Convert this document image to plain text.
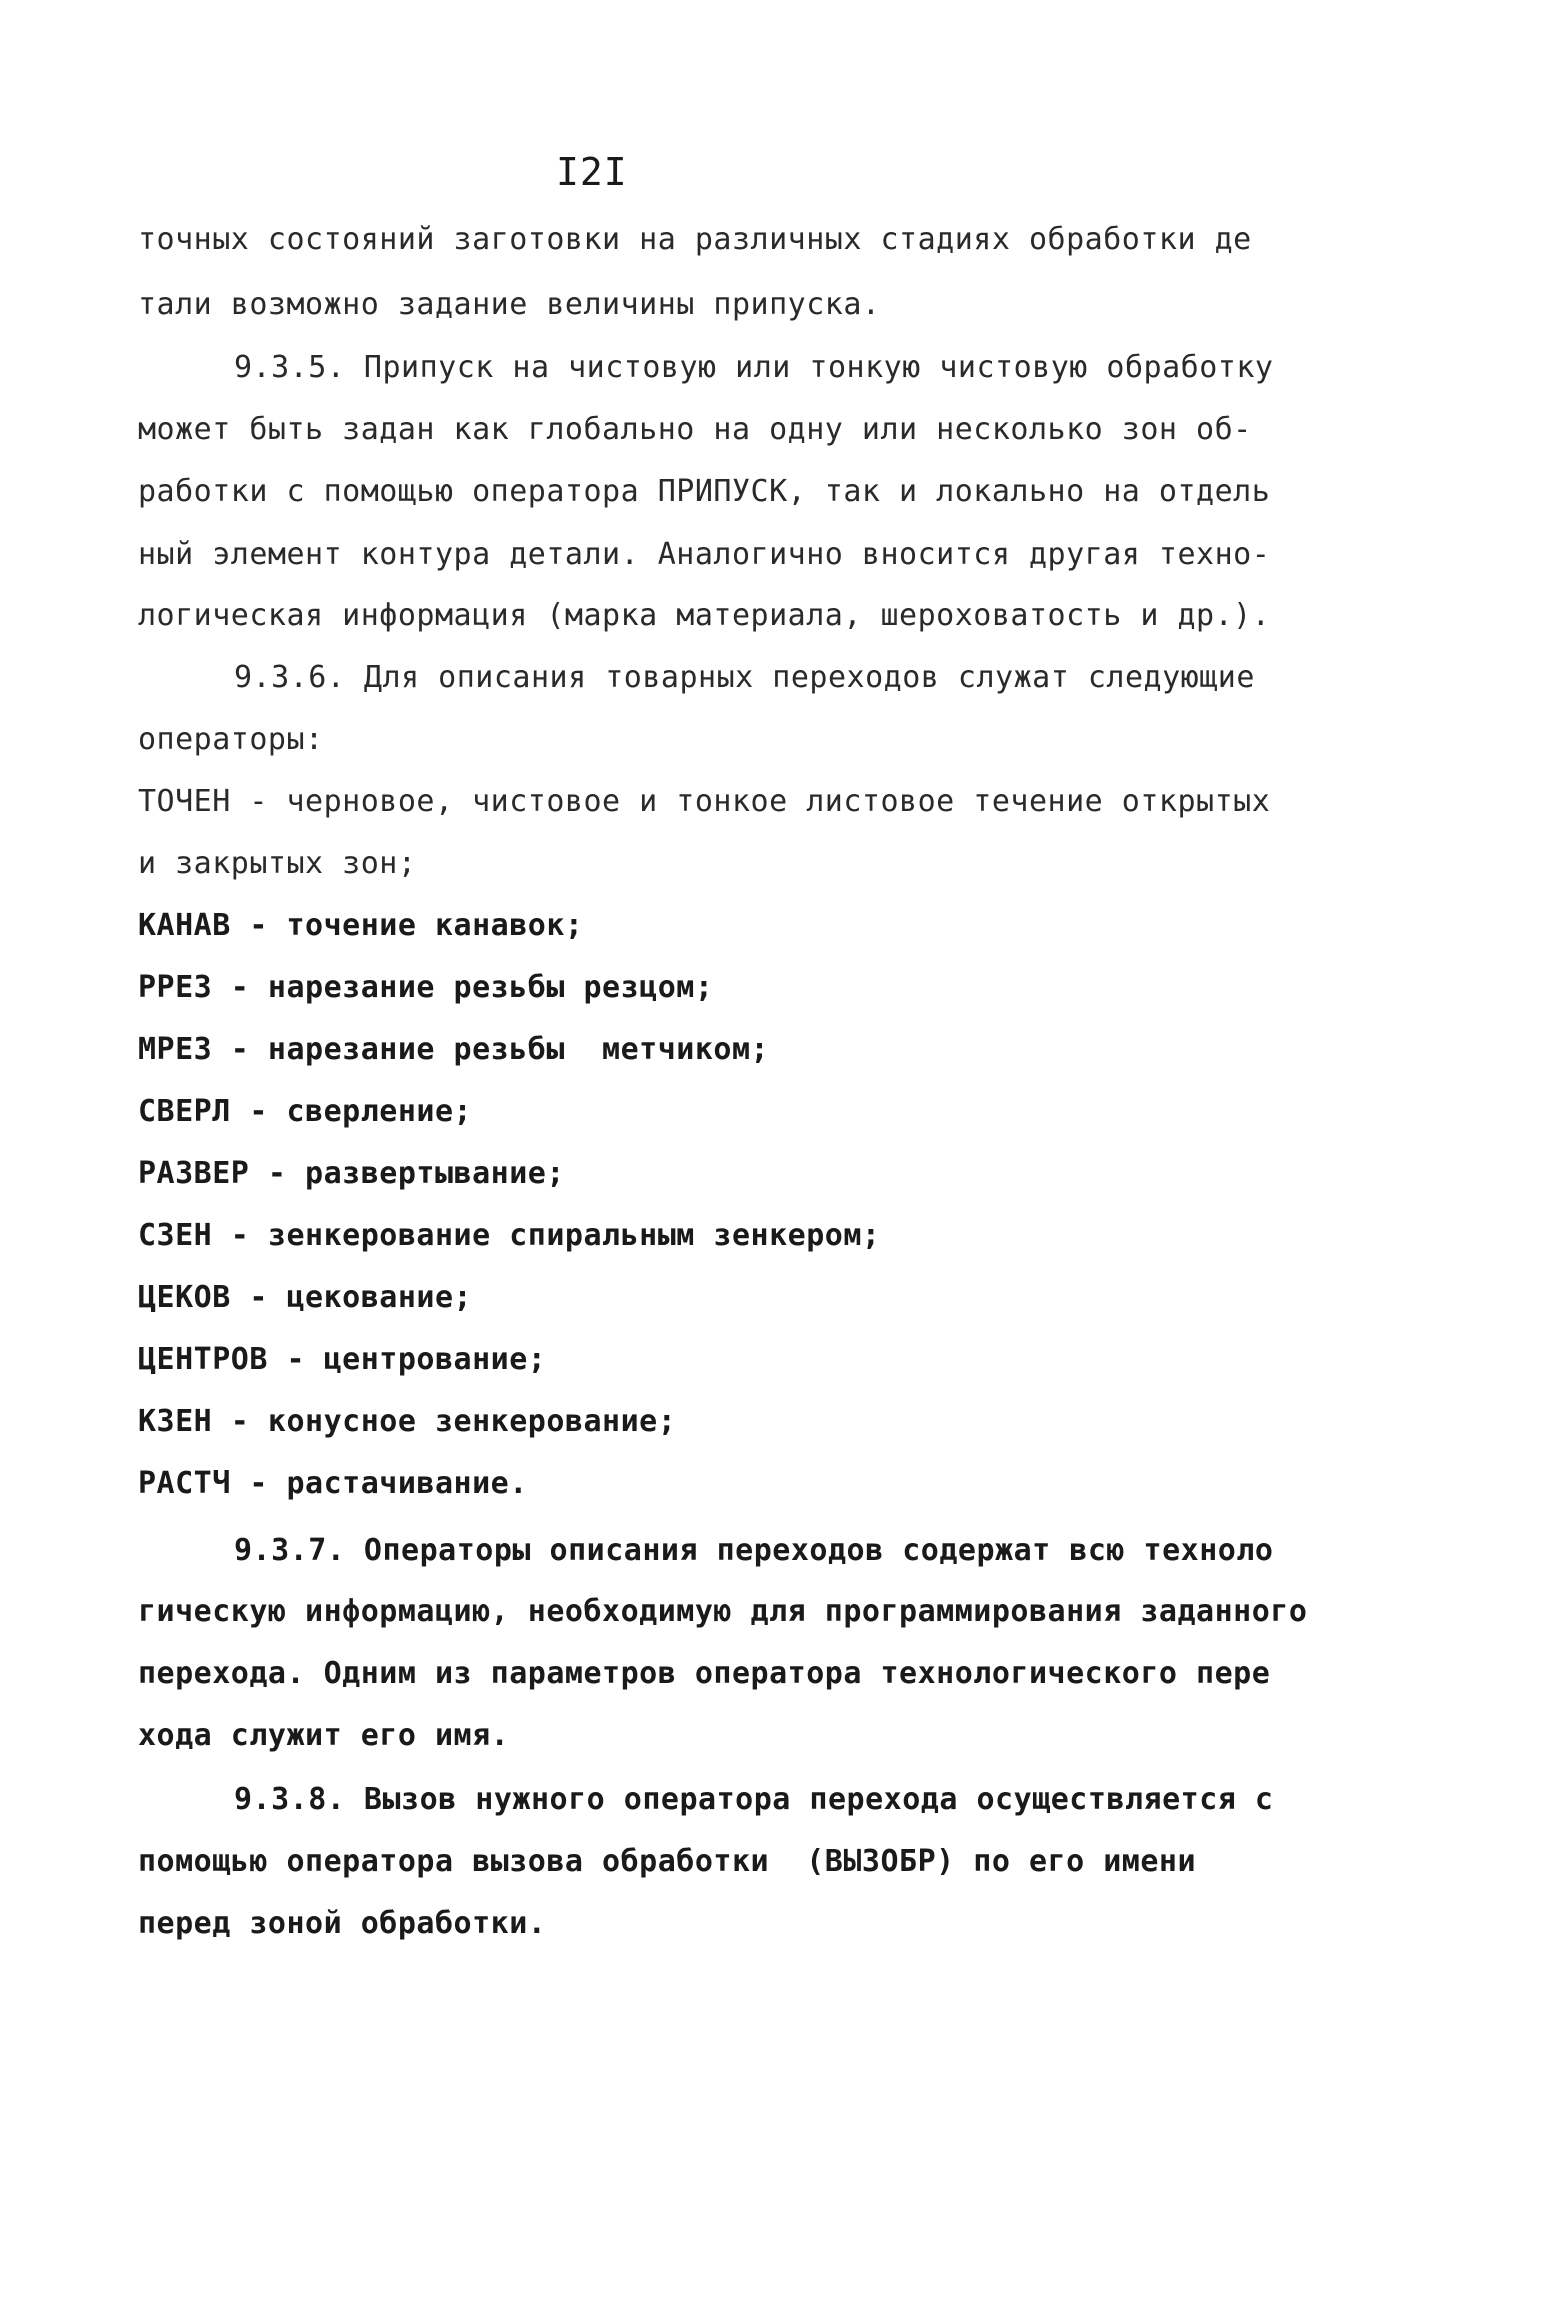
I2I
точных состояний заготовки на различных стадиях обработки де
тали возможно задание величины припуска.
9.3.5. Припуск на чистовую или тонкую чистовую обработку
может быть задан как глобально на одну или несколько зон об-
работки с помощью оператора ПРИПУСК, так и локально на отдель
ный элемент контура детали. Аналогично вносится другая техно-
логическая информация (марка материала, шероховатость и др.).
9.3.6. Для описания товарных переходов служат следующие
операторы:
ТОЧЕН - черновое, чистовое и тонкое листовое течение открытых
и закрытых зон;
КАНАВ - точение канавок;
РРЕЗ - нарезание резьбы резцом;
МРЕЗ - нарезание резьбы  метчиком;
СВЕРЛ - сверление;
РАЗВЕР - развертывание;
СЗЕН - зенкерование спиральным зенкером;
ЦЕКОВ - цекование;
ЦЕНТРОВ - центрование;
КЗЕН - конусное зенкерование;
РАСТЧ - растачивание.
9.3.7. Операторы описания переходов содержат всю техноло
гическую информацию, необходимую для программирования заданного
перехода. Одним из параметров оператора технологического пере
хода служит его имя.
9.3.8. Вызов нужного оператора перехода осуществляется с
помощью оператора вызова обработки  (ВЫЗОБР) по его имени
перед зоной обработки.
